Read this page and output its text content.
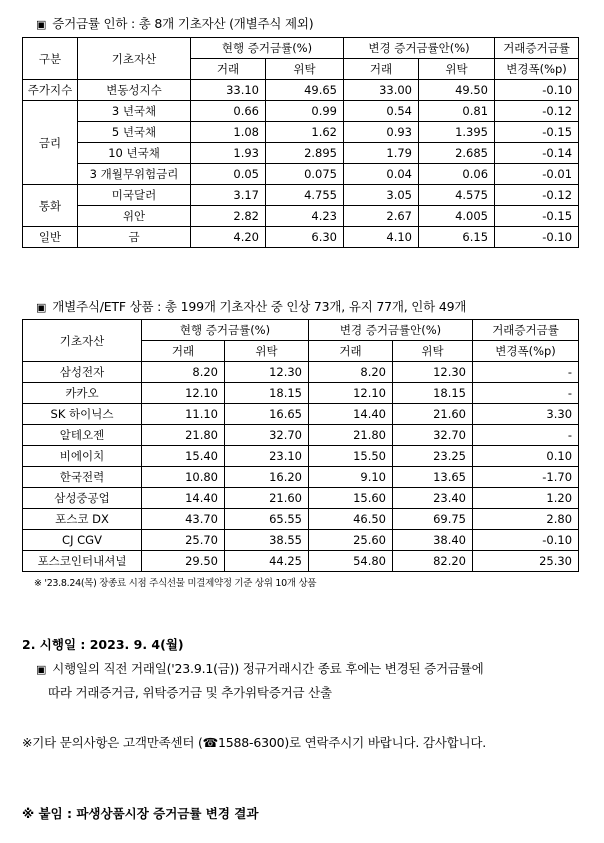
▣ 증거금률 인하 : 총 8개 기초자산 (개별주식 제외)
구분	기초자산	현행 증거금률(%)		변경 증거금률안(%)		거래증거금률
		거래	위탁	거래	위탁	변경폭(%p)
주가지수	변동성지수	33.10	49.65	33.00	49.50	-0.10
금리	3 년국채	0.66	0.99	0.54	0.81	-0.12
	5 년국채	1.08	1.62	0.93	1.395	-0.15
	10 년국채	1.93	2.895	1.79	2.685	-0.14
	3 개월무위험금리	0.05	0.075	0.04	0.06	-0.01
통화	미국달러	3.17	4.755	3.05	4.575	-0.12
	위안	2.82	4.23	2.67	4.005	-0.15
일반	금	4.20	6.30	4.10	6.15	-0.10
▣ 개별주식/ETF 상품 : 총 199개 기초자산 중 인상 73개, 유지 77개, 인하 49개
기초자산	현행 증거금률(%)		변경 증거금률안(%)		거래증거금률
	거래	위탁	거래	위탁	변경폭(%p)
삼성전자	8.20	12.30	8.20	12.30	-
카카오	12.10	18.15	12.10	18.15	-
SK 하이닉스	11.10	16.65	14.40	21.60	3.30
알테오젠	21.80	32.70	21.80	32.70	-
비에이치	15.40	23.10	15.50	23.25	0.10
한국전력	10.80	16.20	9.10	13.65	-1.70
삼성중공업	14.40	21.60	15.60	23.40	1.20
포스코 DX	43.70	65.55	46.50	69.75	2.80
CJ CGV	25.70	38.55	25.60	38.40	-0.10
포스코인터내셔널	29.50	44.25	54.80	82.20	25.30
※ '23.8.24(목) 장종료 시점 주식선물 미결제약정 기준 상위 10개 상품
2. 시행일 : 2023. 9. 4(월)
▣ 시행일의 직전 거래일('23.9.1(금)) 정규거래시간 종료 후에는 변경된 증거금률에
따라 거래증거금, 위탁증거금 및 추가위탁증거금 산출
※기타 문의사항은 고객만족센터 (☎1588-6300)로 연락주시기 바랍니다. 감사합니다.
※ 붙임 : 파생상품시장 증거금률 변경 결과
